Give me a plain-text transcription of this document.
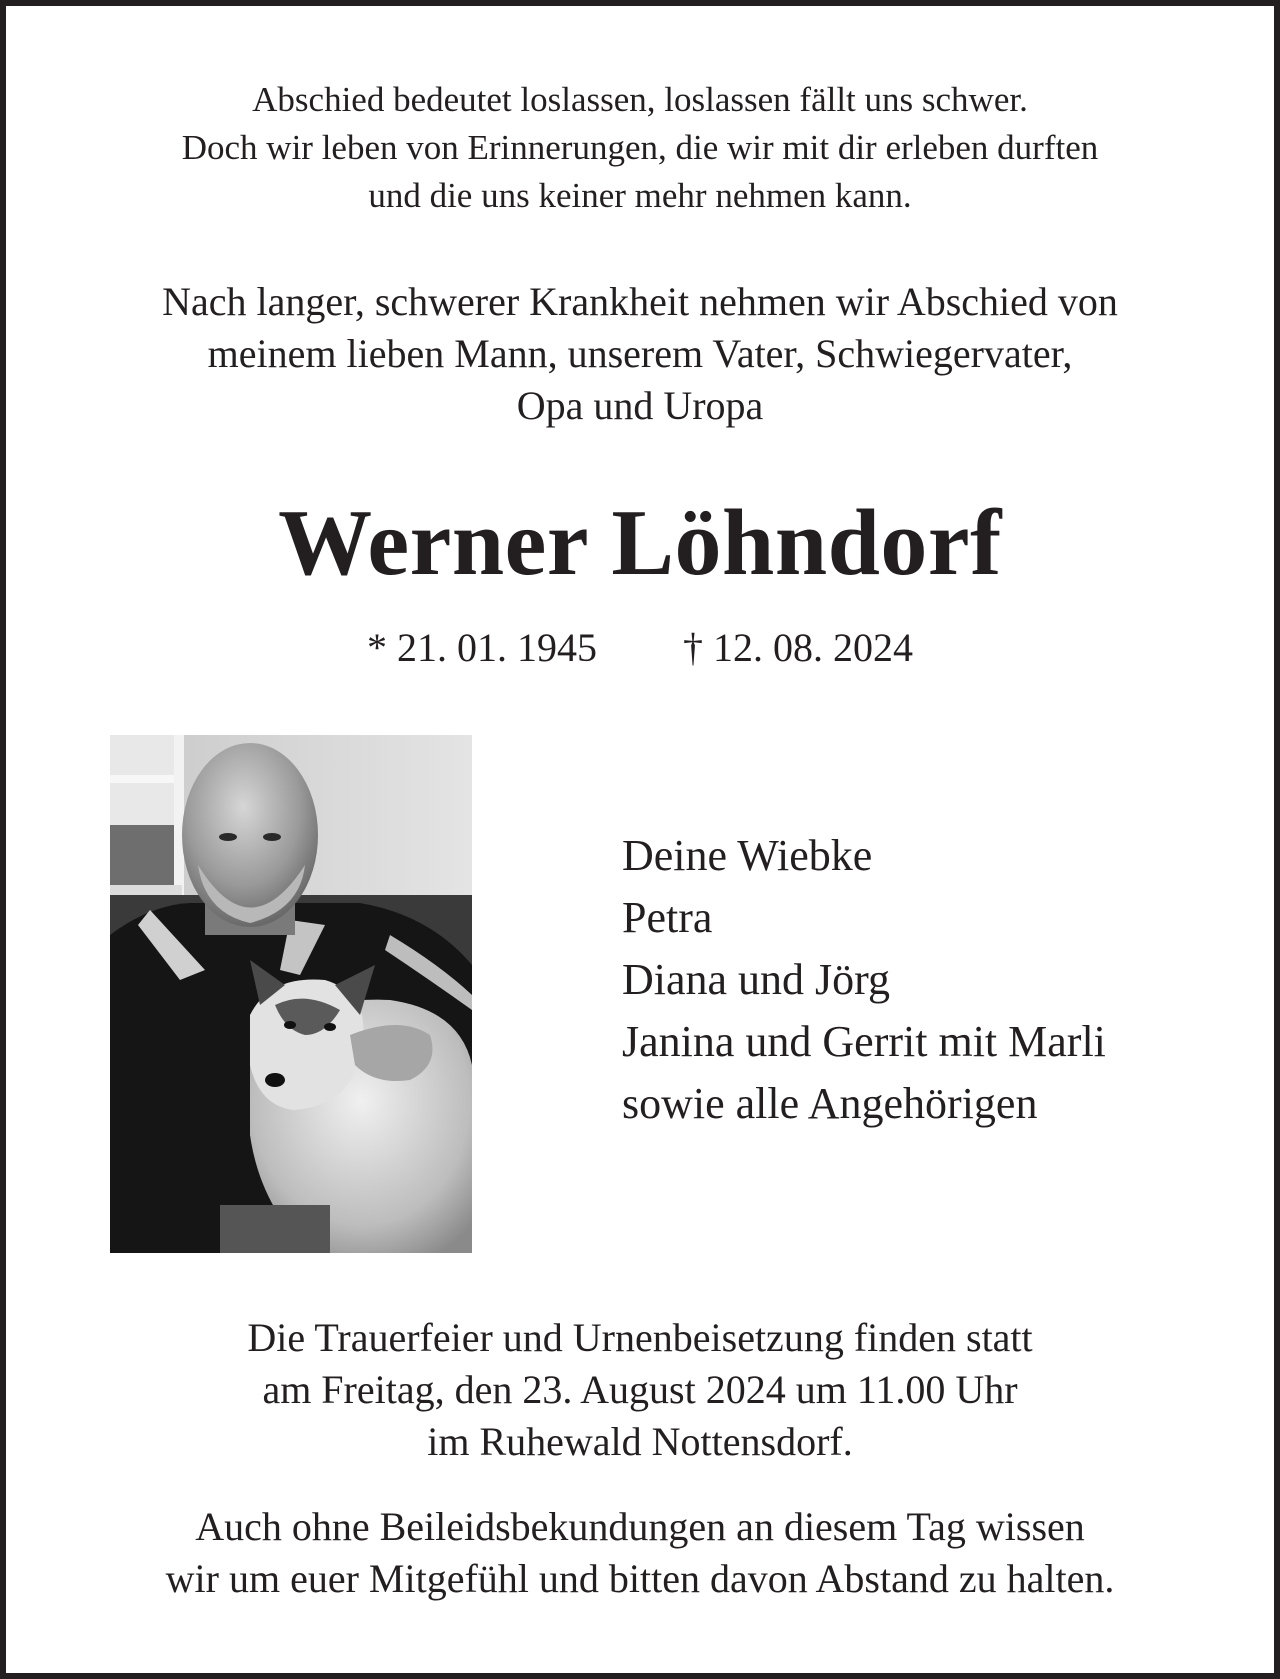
Abschied bedeutet loslassen, loslassen fällt uns schwer.
Doch wir leben von Erinnerungen, die wir mit dir erleben durften
und die uns keiner mehr nehmen kann.
Nach langer, schwerer Krankheit nehmen wir Abschied von
meinem lieben Mann, unserem Vater, Schwiegervater,
Opa und Uropa
Werner Löhndorf
* 21. 01. 1945 † 12. 08. 2024
Deine Wiebke
Petra
Diana und Jörg
Janina und Gerrit mit Marli
sowie alle Angehörigen
Die Trauerfeier und Urnenbeisetzung finden statt
am Freitag, den 23. August 2024 um 11.00 Uhr
im Ruhewald Nottensdorf.
Auch ohne Beileidsbekundungen an diesem Tag wissen
wir um euer Mitgefühl und bitten davon Abstand zu halten.
